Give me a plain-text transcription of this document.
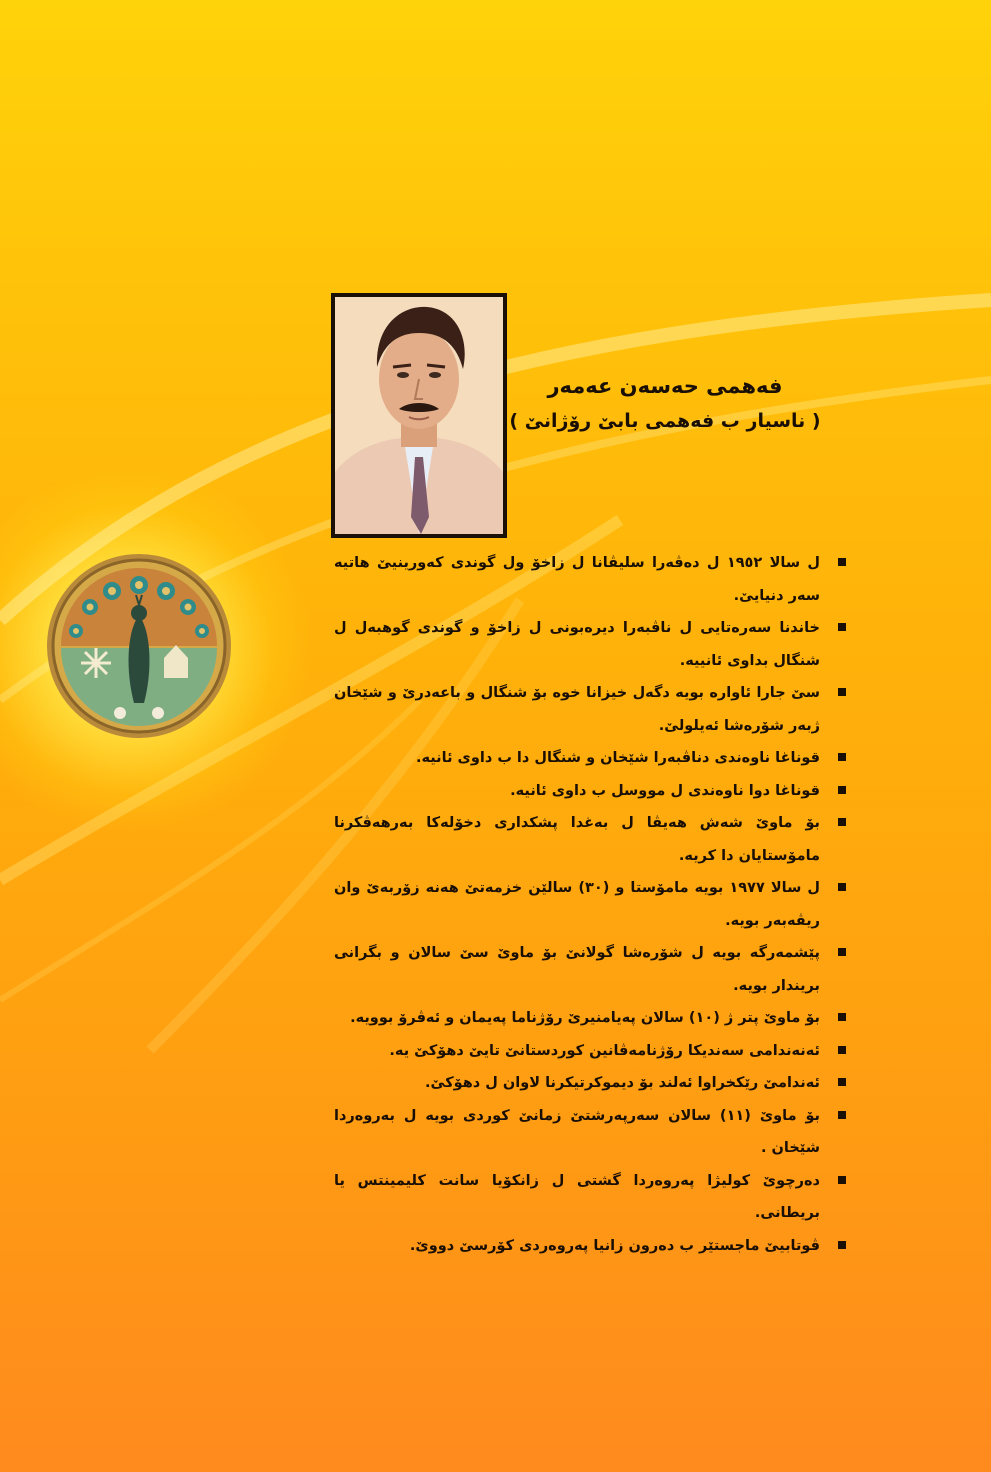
فەهمی حەسەن عەمەر
( ناسیار ب فەهمی بابێ رۆژانێ )
ل سالا ١٩٥٢ ل دەڤەرا سلیڤانا ل زاخۆ ول گوندی کەورینیێ هاتیە سەر دنیایێ.
خاندنا سەرەتایی ل ناڤبەرا دیرەبونی ل زاخۆ و گوندی گوهبەل ل شنگال بداوی ئانییە.
سێ جارا ئاوارە بویە دگەل خیزانا خوە بۆ شنگال و باعەدرێ و شێخان ژبەر شۆرەشا ئەیلولێ.
قوناغا ناوەندی دناڤبەرا شێخان و شنگال دا ب داوی ئانیە.
قوناغا دوا ناوەندی ل مووسل ب داوی ئانیە.
بۆ ماوێ شەش هەیڤا ل بەغدا پشکداری دخۆلەکا بەرهەڤکرنا مامۆستایان دا کریە.
ل سالا ١٩٧٧ بویە مامۆستا و (٣٠) سالێن خزمەتێ هەنە زۆربەێ وان ریڤەبەر بویە.
پێشمەرگە بویە ل شۆرەشا گولانێ بۆ ماوێ سێ سالان و بگرانی بریندار بویە.
بۆ ماوێ پتر ژ (١٠) سالان پەیامنیرێ رۆژناما پەیمان و ئەڤرۆ بوویە.
ئەنەندامی سەندیکا رۆژنامەڤانین کوردستانێ تایێ دهۆکێ یە.
ئەندامێ رێکخراوا ئەلند بۆ دیموکرتیکرنا لاوان ل دهۆکێ.
بۆ ماوێ (١١) سالان سەرپەرشتێ زمانێ کوردی بویە ل بەروەردا شێخان .
دەرچوێ کولیژا پەروەردا گشتی ل زانکۆیا سانت کلیمینتس یا بریطانی.
ڤوتابیێ ماجستێر ب دەرون زانیا پەروەردی کۆرسێ دووێ.
